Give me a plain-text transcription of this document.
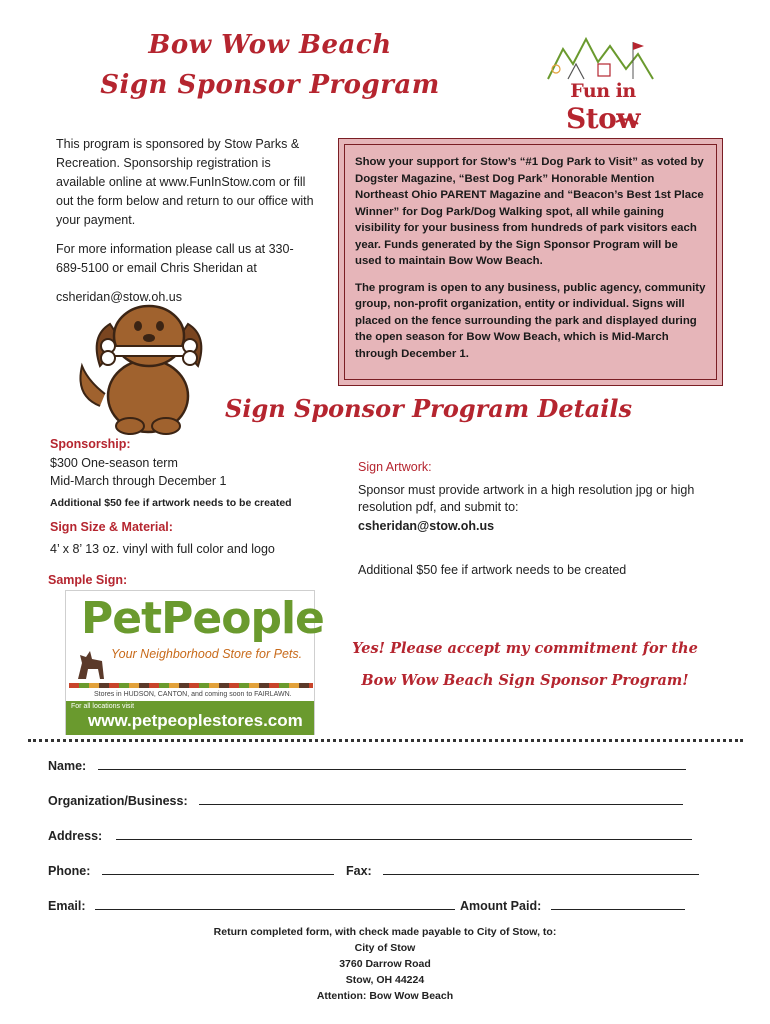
Bow Wow Beach
Sign Sponsor Program	Fun in Stow

This program is sponsored by Stow Parks & Recreation. Sponsorship registration is available online at www.FunInStow.com or fill out the form below and return to our office with your payment.

For more information please call us at 330-689-5100 or email Chris Sheridan at

csheridan@stow.oh.us

Show your support for Stow’s “#1 Dog Park to Visit” as voted by Dogster Magazine, “Best Dog Park” Honorable Mention Northeast Ohio PARENT Magazine and “Beacon’s Best 1st Place Winner” for Dog Park/Dog Walking spot, all while gaining visibility for your business from hundreds of park visitors each year. Funds generated by the Sign Sponsor Program will be used to maintain Bow Wow Beach.

The program is open to any business, public agency, community group, non-profit organization, entity or individual. Signs will placed on the fence surrounding the park and displayed during the open season for Bow Wow Beach, which is Mid-March through December 1.

Sign Sponsor Program Details
Sponsorship:
$300 One-season term
Mid-March through December 1
Additional $50 fee if artwork needs to be created
Sign Size & Material:
4’ x 8’ 13 oz. vinyl with full color and logo
Sample Sign:
PetPeople
Your Neighborhood Store for Pets.
Stores in HUDSON, CANTON, and coming soon to FAIRLAWN.
For all locations visit
www.petpeoplestores.com
Sign Artwork:
Sponsor must provide artwork in a high resolution jpg or high resolution pdf, and submit to:
csheridan@stow.oh.us
Additional $50 fee if artwork needs to be created
Yes! Please accept my commitment for the
Bow Wow Beach Sign Sponsor Program!
Name:
Organization/Business:
Address:
Phone:	Fax:
Email:	Amount Paid:
Return completed form, with check made payable to City of Stow, to:
City of Stow
3760 Darrow Road
Stow, OH 44224
Attention: Bow Wow Beach
